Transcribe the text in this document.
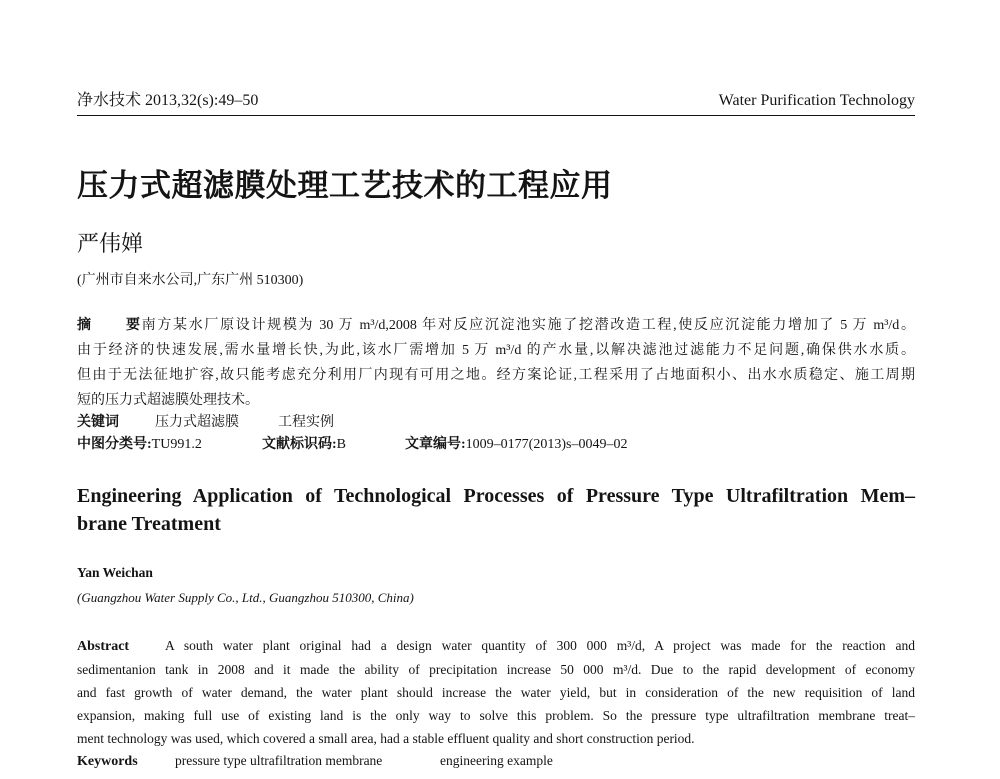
净水技术 2013,32(s):49–50	Water Purification Technology
压力式超滤膜处理工艺技术的工程应用
严伟婵
(广州市自来水公司,广东广州 510300)
摘 要南方某水厂原设计规模为 30 万 m³/d,2008 年对反应沉淀池实施了挖潜改造工程,使反应沉淀能力增加了 5 万 m³/d。
由于经济的快速发展,需水量增长快,为此,该水厂需增加 5 万 m³/d 的产水量,以解决滤池过滤能力不足问题,确保供水水质。
但由于无法征地扩容,故只能考虑充分利用厂内现有可用之地。经方案论证,工程采用了占地面积小、出水水质稳定、施工周期
短的压力式超滤膜处理技术。
关键词	压力式超滤膜	工程实例
中图分类号:TU991.2	文献标识码:B	文章编号:1009–0177(2013)s–0049–02
Engineering Application of Technological Processes of Pressure Type Ultrafiltration Mem–
brane Treatment
Yan Weichan
(Guangzhou Water Supply Co., Ltd., Guangzhou 510300, China)
Abstract	A south water plant original had a design water quantity of 300 000 m³/d, A project was made for the reaction and
sedimentanion tank in 2008 and it made the ability of precipitation increase 50 000 m³/d. Due to the rapid development of economy
and fast growth of water demand, the water plant should increase the water yield, but in consideration of the new requisition of land
expansion, making full use of existing land is the only way to solve this problem. So the pressure type ultrafiltration membrane treat–
ment technology was used, which covered a small area, had a stable effluent quality and short construction period.
Keywords	pressure type ultrafiltration membrane	engineering example
